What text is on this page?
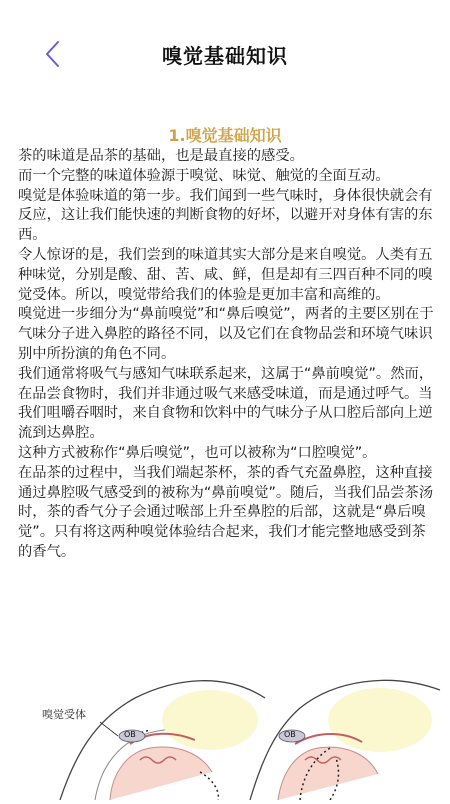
嗅觉基础知识
1.嗅觉基础知识

茶的味道是品茶的基础，也是最直接的感受。

而一个完整的味道体验源于嗅觉、味觉、触觉的全面互动。

嗅觉是体验味道的第一步。我们闻到一些气味时，身体很快就会有反应，这让我们能快速的判断食物的好坏，以避开对身体有害的东西。

令人惊讶的是，我们尝到的味道其实大部分是来自嗅觉。人类有五种味觉，分别是酸、甜、苦、咸、鲜，但是却有三四百种不同的嗅觉受体。所以，嗅觉带给我们的体验是更加丰富和高维的。

嗅觉进一步细分为“鼻前嗅觉”和“鼻后嗅觉”，两者的主要区别在于气味分子进入鼻腔的路径不同，以及它们在食物品尝和环境气味识别中所扮演的角色不同。

我们通常将吸气与感知气味联系起来，这属于“鼻前嗅觉”。然而，在品尝食物时，我们并非通过吸气来感受味道，而是通过呼气。当我们咀嚼吞咽时，来自食物和饮料中的气味分子从口腔后部向上逆流到达鼻腔。

这种方式被称作“鼻后嗅觉”，也可以被称为“口腔嗅觉”。

在品茶的过程中，当我们端起茶杯，茶的香气充盈鼻腔，这种直接通过鼻腔吸气感受到的被称为“鼻前嗅觉”。随后，当我们品尝茶汤时，茶的香气分子会通过喉部上升至鼻腔的后部，这就是“鼻后嗅觉”。只有将这两种嗅觉体验结合起来，我们才能完整地感受到茶的香气。

嗅觉受体
OB	OB
